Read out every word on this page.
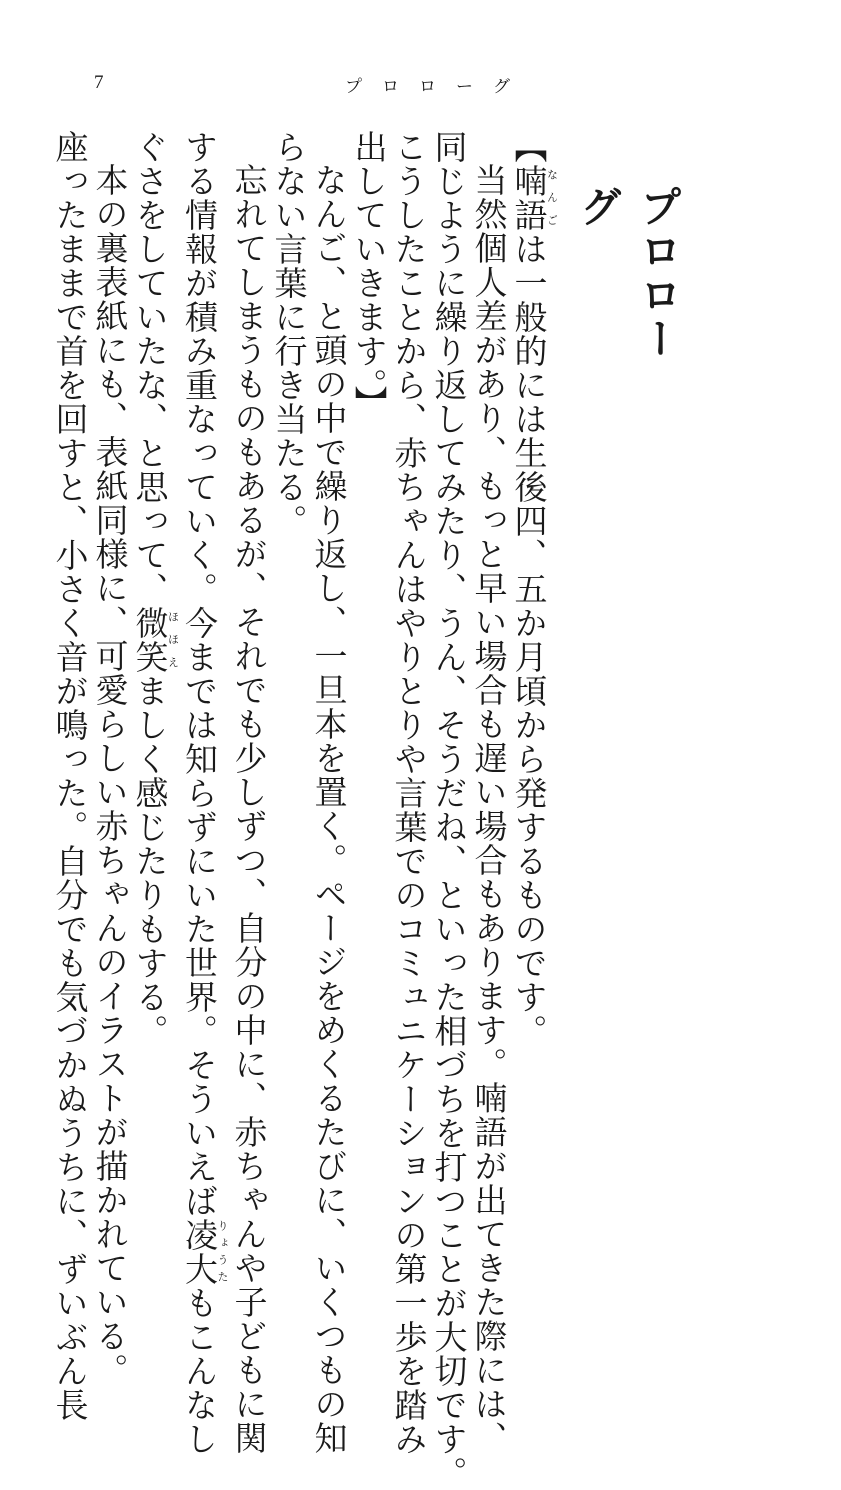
7	プロローグ
プロローグ

【喃語なんごは一般的には生後四、五か月頃から発するものです。

当然個人差があり、もっと早い場合も遅い場合もあります。喃語が出てきた際には、

同じように繰り返してみたり、うん、そうだね、といった相づちを打つことが大切です。

こうしたことから、赤ちゃんはやりとりや言葉でのコミュニケーションの第一歩を踏み

出していきます。】

なんご、と頭の中で繰り返し、一旦本を置く。ページをめくるたびに、いくつもの知

らない言葉に行き当たる。

忘れてしまうものもあるが、それでも少しずつ、自分の中に、赤ちゃんや子どもに関

する情報が積み重なっていく。今までは知らずにいた世界。そういえば凌大りょうたもこんなし

ぐさをしていたな、と思って、微笑ほほえましく感じたりもする。

本の裏表紙にも、表紙同様に、可愛らしい赤ちゃんのイラストが描かれている。

座ったままで首を回すと、小さく音が鳴った。自分でも気づかぬうちに、ずいぶん長
